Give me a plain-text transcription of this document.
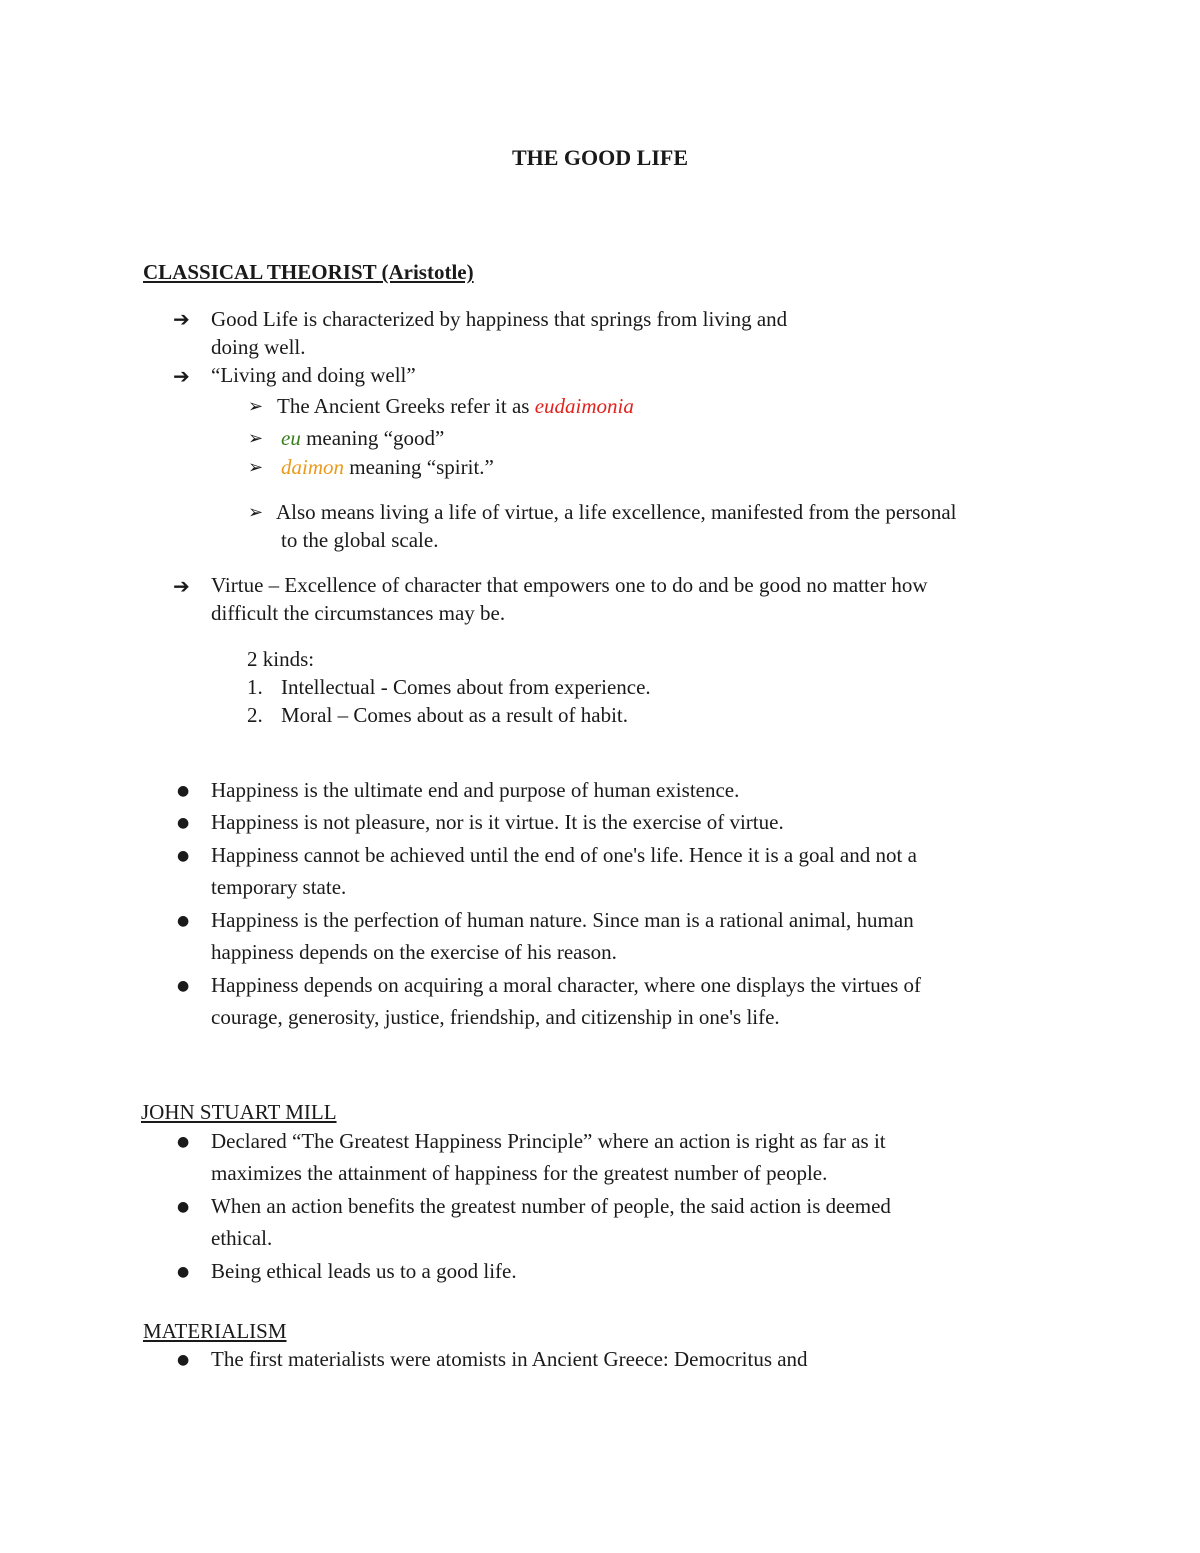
THE GOOD LIFE
CLASSICAL THEORIST (Aristotle)
➔ Good Life is characterized by happiness that springs from living and
doing well.
➔ “Living and doing well”
➢ The Ancient Greeks refer it as eudaimonia
➢ eu meaning “good”
➢ daimon meaning “spirit.”
➢ Also means living a life of virtue, a life excellence, manifested from the personal
to the global scale.
➔ Virtue – Excellence of character that empowers one to do and be good no matter how
difficult the circumstances may be.
2 kinds:
1. Intellectual - Comes about from experience.
2. Moral – Comes about as a result of habit.
● Happiness is the ultimate end and purpose of human existence.
● Happiness is not pleasure, nor is it virtue. It is the exercise of virtue.
● Happiness cannot be achieved until the end of one's life. Hence it is a goal and not a
temporary state.
● Happiness is the perfection of human nature. Since man is a rational animal, human
happiness depends on the exercise of his reason.
● Happiness depends on acquiring a moral character, where one displays the virtues of
courage, generosity, justice, friendship, and citizenship in one's life.
JOHN STUART MILL
● Declared “The Greatest Happiness Principle” where an action is right as far as it
maximizes the attainment of happiness for the greatest number of people.
● When an action benefits the greatest number of people, the said action is deemed
ethical.
● Being ethical leads us to a good life.
MATERIALISM
● The first materialists were atomists in Ancient Greece: Democritus and
